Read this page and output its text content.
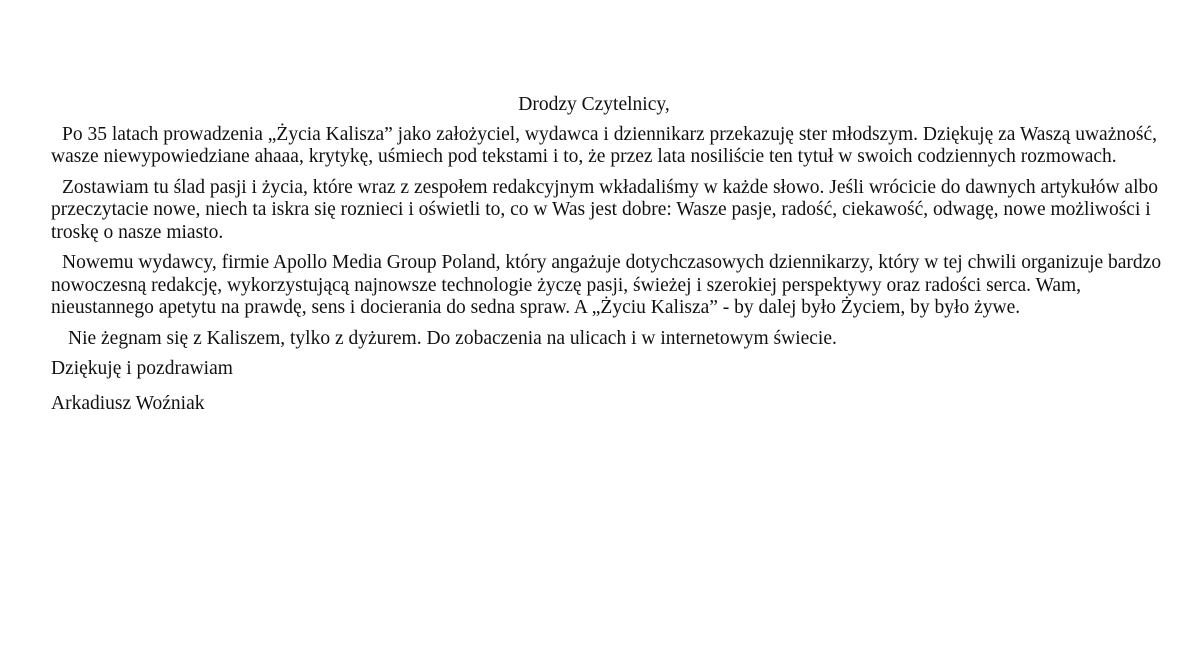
Drodzy Czytelnicy,

Po 35 latach prowadzenia „Życia Kalisza” jako założyciel, wydawca i dziennikarz przekazuję ster młodszym. Dziękuję za Waszą uważność, wasze niewypowiedziane ahaaa, krytykę, uśmiech pod tekstami i to, że przez lata nosiliście ten tytuł w swoich codziennych rozmowach.

Zostawiam tu ślad pasji i życia, które wraz z zespołem redakcyjnym wkładaliśmy w każde słowo. Jeśli wrócicie do dawnych artykułów albo przeczytacie nowe, niech ta iskra się roznieci i oświetli to, co w Was jest dobre: Wasze pasje, radość, ciekawość, odwagę, nowe możliwości i troskę o nasze miasto.

Nowemu wydawcy, firmie Apollo Media Group Poland, który angażuje dotychczasowych dziennikarzy, który w tej chwili organizuje bardzo nowoczesną redakcję, wykorzystującą najnowsze technologie życzę pasji, świeżej i szerokiej perspektywy oraz radości serca. Wam, nieustannego apetytu na prawdę, sens i docierania do sedna spraw. A „Życiu Kalisza” - by dalej było Życiem, by było żywe.

Nie żegnam się z Kaliszem, tylko z dyżurem. Do zobaczenia na ulicach i w internetowym świecie.

Dziękuję i pozdrawiam

Arkadiusz Woźniak
